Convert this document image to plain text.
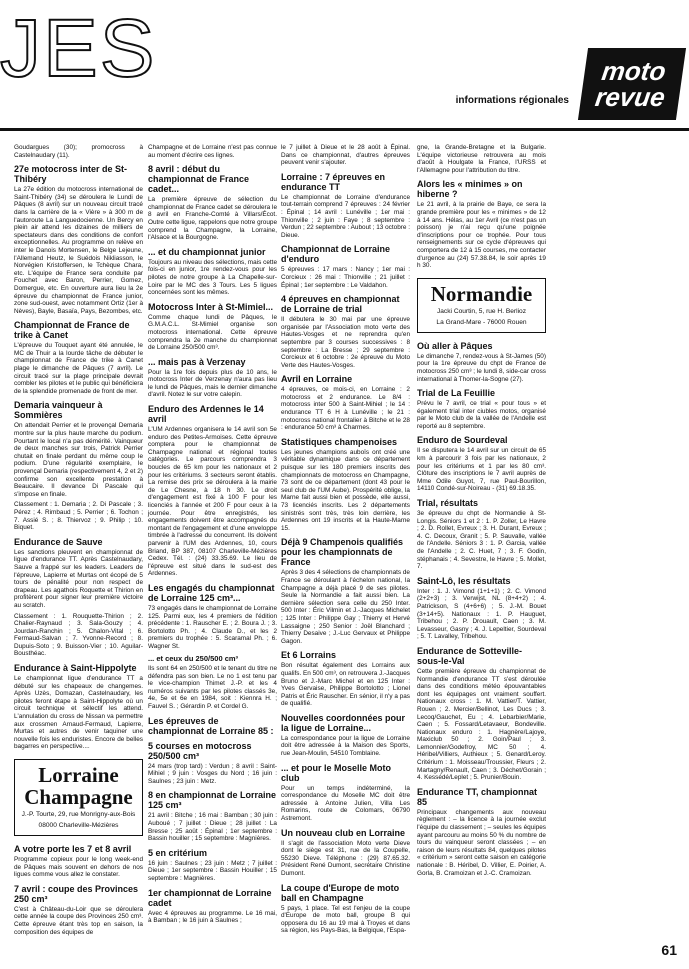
JES
informations régionales
moto
revue

Goudargues (30); promocross à Castelnaudary (11).

27e motocross inter de St-Thibéry

La 27e édition du motocross international de Saint-Thibéry (34) se déroulera le Lundi de Pâques (8 avril) sur un nouveau circuit tracé dans la carrière de la « Vière » à 300 m de l'autoroute La Languedocienne. Un Bercy en plein air attend les dizaines de milliers de spectateurs dans des conditions de confort exceptionnelles. Au programme on relève en inter le Danois Mortensen, le Belge Lejeune, l'Allemand Heutz, le Suédois Nikliasson, le Norvégien Kristoffersen, le Tchèque Chara, etc. L'équipe de France sera conduite par Fouchet avec Baron, Perrier, Gomez, Domergue, etc. En ouverture aura lieu la 2e épreuve du championnat de France junior, zone sud-ouest, avec notamment Ortiz (1er à Nèves), Bayle, Basaïa, Pays, Bezombes, etc.

Championnat de France de trike à Canet

L'épreuve du Touquet ayant été annulée, le MC de Thuir a la lourde tâche de débuter le championnat de France de trike à Canet plage le dimanche de Pâques (7 avril). Le circuit tracé sur la plage principale devrait combler les pilotes et le public qui bénéficiera de la splendide promenade de front de mer.

Demaria vainqueur à Sommières

On attendait Perrier et le provençal Demaria montre sur la plus haute marche du podium. Pourtant le local n'a pas démérité. Vainqueur de deux manches sur trois, Patrick Perrier chutait en finale perdant du même coup le podium. D'une régularité exemplaire, le provençal Demaria (respectivement 4, 2 et 2) confirme son excellente prestation à Beaucaire. Il devance Di Pascale qui s'impose en finale.

Classement : 1. Demaria ; 2. Di Pascale ; 3. Pérez ; 4. Rimbaud ; 5. Perrier ; 6. Tochon ; 7. Assié S. ; 8. Thiervoz ; 9. Philip ; 10. Biquet.

Endurance de Sauve

Les sanctions pleuvent en championnat de ligue d'endurance TT. Après Castelnaudary, Sauve a frappé sur les leaders. Leaders de l'épreuve, Lapierre et Murtas ont écopé de 5 tours de pénalité pour non respect de drapeau. Les agathois Roquette et Thirion en profitèrent pour signer leur première victoire au scratch.

Classement : 1. Rouquette-Thirion ; 2. Chalier-Raynaud ; 3. Sala-Gouzy ; 4. Jourdan-Ranchin ; 5. Chalon-Vital ; 6. Fermaud-Salvan ; 7. Yvonne-Record ; 8. Dupuis-Soto ; 9. Buisson-Vier ; 10. Aguilar-Bousthéac.

Endurance à Saint-Hippolyte

Le championnat ligue d'endurance TT a débuté sur les chapeaux de changemes. Après Uzès, Domazan, Castelnaudary, les pilotes feront étape à Saint-Hippolyte où un circuit technique et sélectif les attend. L'annulation du cross de Nissan va permettre aux crossmen Arnaud-Fermaud, Lapierre, Murtas et autres de venir taquiner une nouvelle fois les enduristes. Encore de belles bagarres en perspective....

Lorraine
Champagne
J.-P. Tourte, 29, rue Monrigny-aux-Bois
08000 Charleville-Mézières
A votre porte les 7 et 8 avril

Programme copieux pour le long week-end de Pâques mais souvent en dehors de nos ligues comme vous allez le constater.

7 avril : coupe des Provinces 250 cm³

C'est à Château-du-Loir que se déroulera cette année la coupe des Provinces 250 cm³. Cette épreuve étant très top en saison, la composition des équipes de

Champagne et de Lorraine n'est pas connue au moment d'écrire ces lignes.

8 avril : début du championnat de France cadet...

La première épreuve de sélection du championnat de France cadet se déroulera le 8 avril en Franche-Comté à Villars/Écot. Outre cette ligue, rappelons que notre groupe comprend la Champagne, la Lorraine, l'Alsace et la Bourgogne.

... et du championnat junior

Toujours au niveau des sélections, mais cette fois-ci en junior, 1re rendez-vous pour les pilotes de notre groupe à La Chapelle-sur-Loire par le MC des 3 Tours. Les 5 ligues concernées sont les mêmes.

Motocross Inter à St-Mimiel...

Comme chaque lundi de Pâques, le G.M.A.C.L. St-Mimiel organise son motocross international. Cette épreuve comprendra la 2e manche du championnat de Lorraine 250/500 cm³.

... mais pas à Verzenay

Pour la 1re fois depuis plus de 10 ans, le motocross Inter de Verzenay n'aura pas lieu le lundi de Pâques, mais le dernier dimanche d'avril. Notez le sur votre calepin.

Enduro des Ardennes le 14 avril

L'UM Ardennes organisera le 14 avril son 5e enduro des Petites-Armoises. Cette épreuve comptera pour le championnat de Champagne national et régional toutes catégories. Le parcours comprendra 3 boucles de 65 km pour les nationaux et 2 pour les critériums. 3 secteurs seront établis. La remise des prix se déroulera à la mairie de Le Chesne, à 18 h 30. Le droit d'engagement est fixé à 100 F pour les licenciés à l'année et 200 F pour ceux à la journée. Pour être enregistrés, les engagements doivent être accompagnés du montant de l'engagement et d'une enveloppe timbrée à l'adresse du concurrent. Ils doivent parvenir à l'UM des Ardennes, 10, cours Briand, BP 387, 08107 Charleville-Mézières Cedex. Tél. : (24) 33.35.69. Le lieu de l'épreuve est situé dans le sud-est des Ardennes.

Les engagés du championnat de Lorraine 125 cm³...

73 engagés dans le championnat de Lorraine 125. Parmi eux, les 4 premiers de l'édition précédente : 1. Rauscher E. ; 2. Boura J. ; 3. Bortolotto Ph. ; 4. Claude D., et les 2 premiers du trophée : 5. Scaramal Ph. ; 6. Wagner St.

... et ceux du 250/500 cm³

Ils sont 64 en 250/500 et le tenant du titre ne défendra pas son bien. Le no 1 est tenu par le vice-champion Thimet J.-P. et les 4 numéros suivants par les pilotes classés 3e, 4e, 5e et 6e en 1984, soit : Kiennra H. ; Fauvel S. ; Gérardin P. et Cordel G.

Les épreuves de championnat de Lorraine 85 :
5 courses en motocross 250/500 cm³

24 mars (trop tard) : Verdun ; 8 avril : Saint-Mihiel ; 9 juin : Vosges du Nord ; 16 juin : Saulnes ; 23 juin : Metz.

8 en championnat de Lorraine 125 cm³

21 avril : Bitche ; 16 mai : Bamban ; 30 juin : Auboué ; 7 juillet : Dieue ; 28 juillet : La Bresse ; 25 août : Épinal ; 1er septembre : Bassin houiller ; 15 septembre : Magnières.

5 en critérium

16 juin : Saulnes ; 23 juin : Metz ; 7 juillet : Dieue ; 1er septembre : Bassin Houiller ; 15 septembre : Magnières.

1er championnat de Lorraine cadet

Avec 4 épreuves au programme. Le 16 mai, à Bamban ; le 16 juin à Saulnes ;

le 7 juillet à Dieue et le 28 août à Épinal. Dans ce championnat, d'autres épreuves peuvent venir s'ajouter.

Lorraine : 7 épreuves en endurance TT

Le championnat de Lorraine d'endurance tout-terrain comprend 7 épreuves : 24 février : Épinal ; 14 avril : Lunéville ; 1er mai : Thionville ; 2 juin : Faye ; 8 septembre : Verdun ; 22 septembre : Aubout ; 13 octobre : Dieue.

Championnat de Lorraine d'enduro

5 épreuves : 17 mars : Nancy ; 1er mai : Corcieux : 26 mai : Thionville ; 21 juillet : Épinal ; 1er septembre : Le Valdahon.

4 épreuves en championnat de Lorraine de trial

Il débutera le 30 mai par une épreuve organisée par l'Association moto verte des Hautes-Vosges et ne reprendra qu'en septembre par 3 courses successives : 8 septembre : La Bresse ; 29 septembre : Corcieux et 6 octobre : 2e épreuve du Moto Verte des Hautes-Vosges.

Avril en Lorraine

4 épreuves, ce mois-ci, en Lorraine : 2 motocross et 2 endurance. Le 8/4 : motocross inter 500 à Saint-Mihiel ; le 14 : endurance TT 6 H à Lunéville ; le 21 : motocross national frontalier à Bitche et le 28 : endurance 50 cm³ à Charmes.

Statistiques champenoises

Les jeunes champions auboïs ont créé une véritable dynamique dans ce département puisque sur les 180 premiers inscrits des championnats de motocross en Champagne, 73 sont de ce département (dont 43 pour le seul club de l'UM Aube). Prospérité oblige, la Marne fait aussi bien et possède, elle aussi, 73 licenciés inscrits. Les 2 départements sinistrés sont très, très loin derrière, les Ardennes ont 19 inscrits et la Haute-Marne 15.

Déjà 9 Champenois qualifiés pour les championnats de France

Après 3 des 4 sélections de championnats de France se déroulant à l'échelon national, la Champagne a déjà placé 9 de ses pilotes. Seule la Normandie a fait aussi bien. La dernière sélection sera celle du 250 Inter. 500 Inter : Éric Vilmin et J.-Jacques Michelet ; 125 Inter : Philippe Gay ; Thierry et Hervé Lassaigne ; 250 Senior : Joël Blanchard ; Thierry Desaive ; J.-Luc Gervaux et Philippe Gagon.

Et 6 Lorrains

Bon résultat également des Lorrains aux qualifs. En 500 cm³, on retrouvera J.-Jacques Bruno et J.-Marc Michel et en 125 Inter : Yves Gervaise, Philippe Bortolotto ; Lionel Patris et Éric Rauscher. En sénior, il n'y a pas de qualifié.

Nouvelles coordonnées pour la ligue de Lorraine...

La correspondance pour la ligue de Lorraine doit être adressée à la Maison des Sports, rue Jean-Moulin, 54510 Tomblaine.

... et pour le Moselle Moto club

Pour un temps indéterminé, la correspondance du Moselle MC doit être adressée à Antoine Julien, Villa Les Romarins, route de Colomars, 06790 Astremont.

Un nouveau club en Lorraine

Il s'agit de l'association Moto verte Dieve dont le siège est 31, rue de la Coupelle, 55230 Dieve. Téléphone : (29) 87.65.32. Président René Dumont, secrétaire Christine Dumont.

La coupe d'Europe de moto ball en Champagne

5 pays, 1 place. Tel est l'enjeu de la coupe d'Europe de moto ball, groupe B qui opposera du 16 au 19 mai à Troyes et dans sa région, les Pays-Bas, la Belgique, l'Espa-

gne, la Grande-Bretagne et la Bulgarie. L'équipe victorieuse retrouvera au mois d'août à Houlgate la France, l'URSS et l'Allemagne pour l'attribution du titre.

Alors les « minimes » on hiberne ?

Le 21 avril, à la prairie de Baye, ce sera la grande première pour les « minimes » de 12 à 14 ans. Hélas, au 1er Avril (ce n'est pas un poisson) je n'ai reçu qu'une poignée d'inscriptions pour ce trophée. Pour tous renseignements sur ce cycle d'épreuves qui comportera de 12 à 15 courses, me contacter d'urgence au (24) 57.38.84, le soir après 19 h 30.

Normandie
Jacki Courtin, 5, rue H. Berlioz
La Grand-Mare - 76000 Rouen
Où aller à Pâques

Le dimanche 7, rendez-vous à St-James (50) pour la 1re épreuve du chpt de France de motocross 250 cm³ ; le lundi 8, side-car cross international à Thomer-la-Sogne (27).

Trial de La Feuillie

Prévu le 7 avril, ce trial « pour tous » et également trial inter ciubles motos, organisé par le Moto club de la vallée de l'Andelle est reporté au 8 septembre.

Enduro de Sourdeval

Il se disputera le 14 avril sur un circuit de 65 km à parcourir 3 fois par les nationaux, 2 pour les critériums et 1 par les 80 cm³. Clôture des inscriptions le 7 avril auprès de Mme Odile Guyot, 7, rue Paul-Bourillon, 14110 Condé-sur-Noireau - (31) 69.18.35.

Trial, résultats

3e épreuve du chpt de Normandie à St-Longis. Séniors 1 et 2 : 1. P. Zoller, Le Havre ; 2. D. Rollet, Evreux ; 3. H. Durant, Evreux ; 4. C. Decoux, Granit ; 5. P. Sauvalle, vallée de l'Andelle. Séniors 3 : 1. P. Garcia, vallée de l'Andelle ; 2. C. Huet, 7 ; 3. F. Godin, stéphanais ; 4. Sevestre, le Havre ; 5. Mollet, 7.

Saint-Lô, les résultats

Inter : 1. J. Vimond (1+1+1) ; 2. C. Vimond (2+2+3) ; 3. Verwijst, NL (8+4+2) ; 4. Patrickson, S (4+6+6) ; 5. J.-M. Bouet (3+14+5). Nationaux : 1. P. Hauguet, Tribehou ; 2. P. Drouault, Caen ; 3. M. Levasseur, Gasny ; 4. J. Lepeltier, Sourdeval ; 5. T. Lavalley, Tribehou.

Endurance de Sotteville-sous-le-Val

Cette première épreuve du championnat de Normandie d'endurance TT s'est déroulée dans des conditions météo épouvantables dont les équipages ont vraiment souffert. Nationaux cross : 1. M. Vattier/T. Vattier, Rouen ; 2. Mercier/Bellinot, Les Ducs ; 3. Lecoq/Gauchet, Eu ; 4. Lebarbier/Marie, Caen ; 5. Fossard/Letavaeur, Bondeville. Nationaux enduro : 1. Hagnère/Lajoye, Maxiclub 50 ; 2. Goin/Paul ; 3. Lemonnier/Godefroy, MC 50 ; 4. Héribel/Villiers, Authieux ; 5. Genard/Leroy. Critérium : 1. Moisseau/Troussier, Fleurs ; 2. Martagny/Renault, Caen ; 3. Déchet/Gorain ; 4. Kessédé/Leplet ; 5. Prunier/Bouin.

Endurance TT, championnat 85

Principaux changements aux nouveau règlement : – la licence à la journée exclut l'équipe du classement ; – seules les équipes ayant parcouru au moins 50 % du nombre de tours du vainqueur seront classées ; – en raison de leurs résultats 84, quelques pilotes « critérium » seront cette saison en catégorie nationale : B. Héribel, D. Villier, E. Poirier, A. Gorla, B. Cramoizan et J.-C. Cramoizan.

61
